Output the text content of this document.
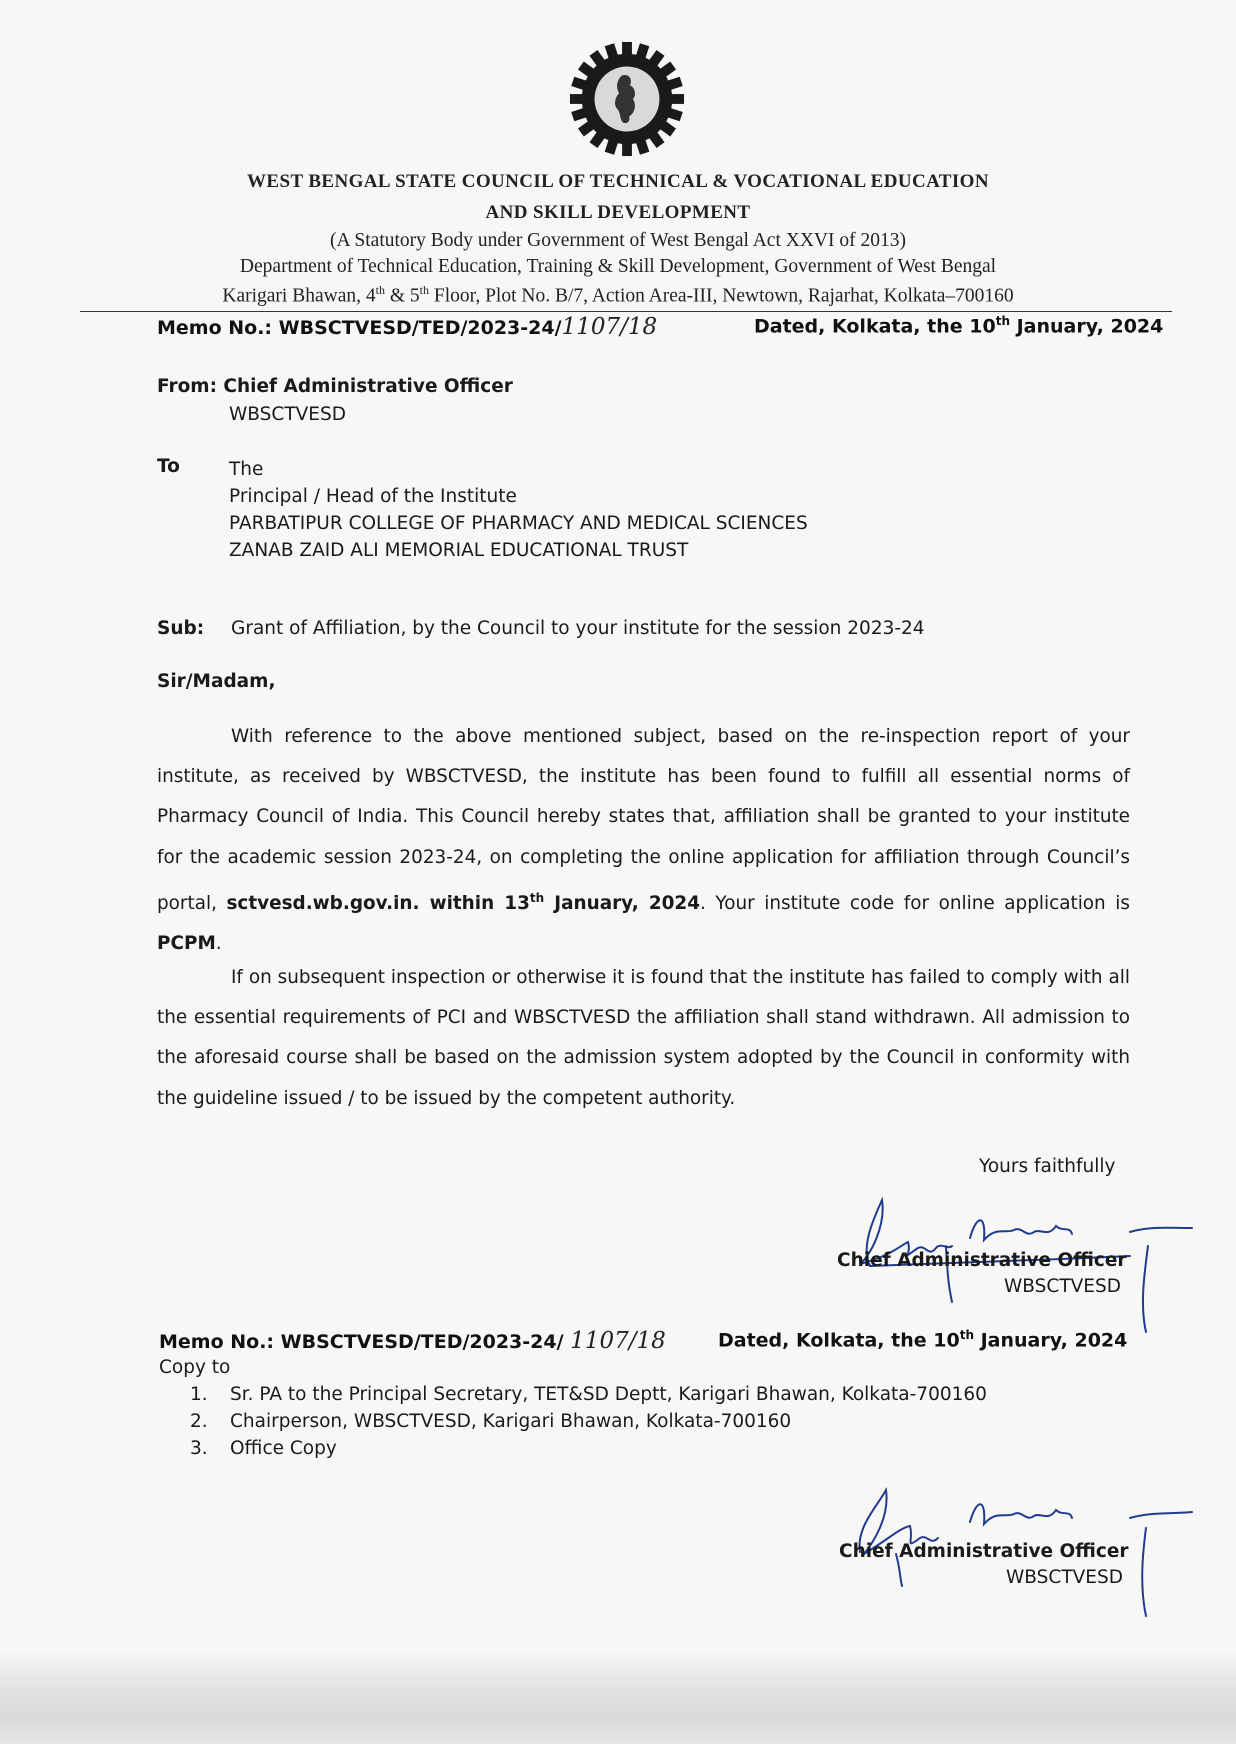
WEST BENGAL STATE COUNCIL OF TECHNICAL & VOCATIONAL EDUCATION
AND SKILL DEVELOPMENT
(A Statutory Body under Government of West Bengal Act XXVI of 2013)
Department of Technical Education, Training & Skill Development, Government of West Bengal
Karigari Bhawan, 4th & 5th Floor, Plot No. B/7, Action Area-III, Newtown, Rajarhat, Kolkata–700160
Memo No.: WBSCTVESD/TED/2023-24/1107/18	Dated, Kolkata, the 10th January, 2024
From: Chief Administrative Officer
WBSCTVESD
To	The
Principal / Head of the Institute
PARBATIPUR COLLEGE OF PHARMACY AND MEDICAL SCIENCES
ZANAB ZAID ALI MEMORIAL EDUCATIONAL TRUST
Sub: Grant of Affiliation, by the Council to your institute for the session 2023-24
Sir/Madam,
With reference to the above mentioned subject, based on the re-inspection report of your institute, as received by WBSCTVESD, the institute has been found to fulfill all essential norms of Pharmacy Council of India. This Council hereby states that, affiliation shall be granted to your institute for the academic session 2023-24, on completing the online application for affiliation through Council’s portal, sctvesd.wb.gov.in. within 13th January, 2024. Your institute code for online application is PCPM.
If on subsequent inspection or otherwise it is found that the institute has failed to comply with all the essential requirements of PCI and WBSCTVESD the affiliation shall stand withdrawn. All admission to the aforesaid course shall be based on the admission system adopted by the Council in conformity with the guideline issued / to be issued by the competent authority.
Yours faithfully
Chief Administrative Officer
WBSCTVESD
Memo No.: WBSCTVESD/TED/2023-24/ 1107/18	Dated, Kolkata, the 10th January, 2024
Copy to
1. Sr. PA to the Principal Secretary, TET&SD Deptt, Karigari Bhawan, Kolkata-700160
2. Chairperson, WBSCTVESD, Karigari Bhawan, Kolkata-700160
3. Office Copy
Chief Administrative Officer
WBSCTVESD
